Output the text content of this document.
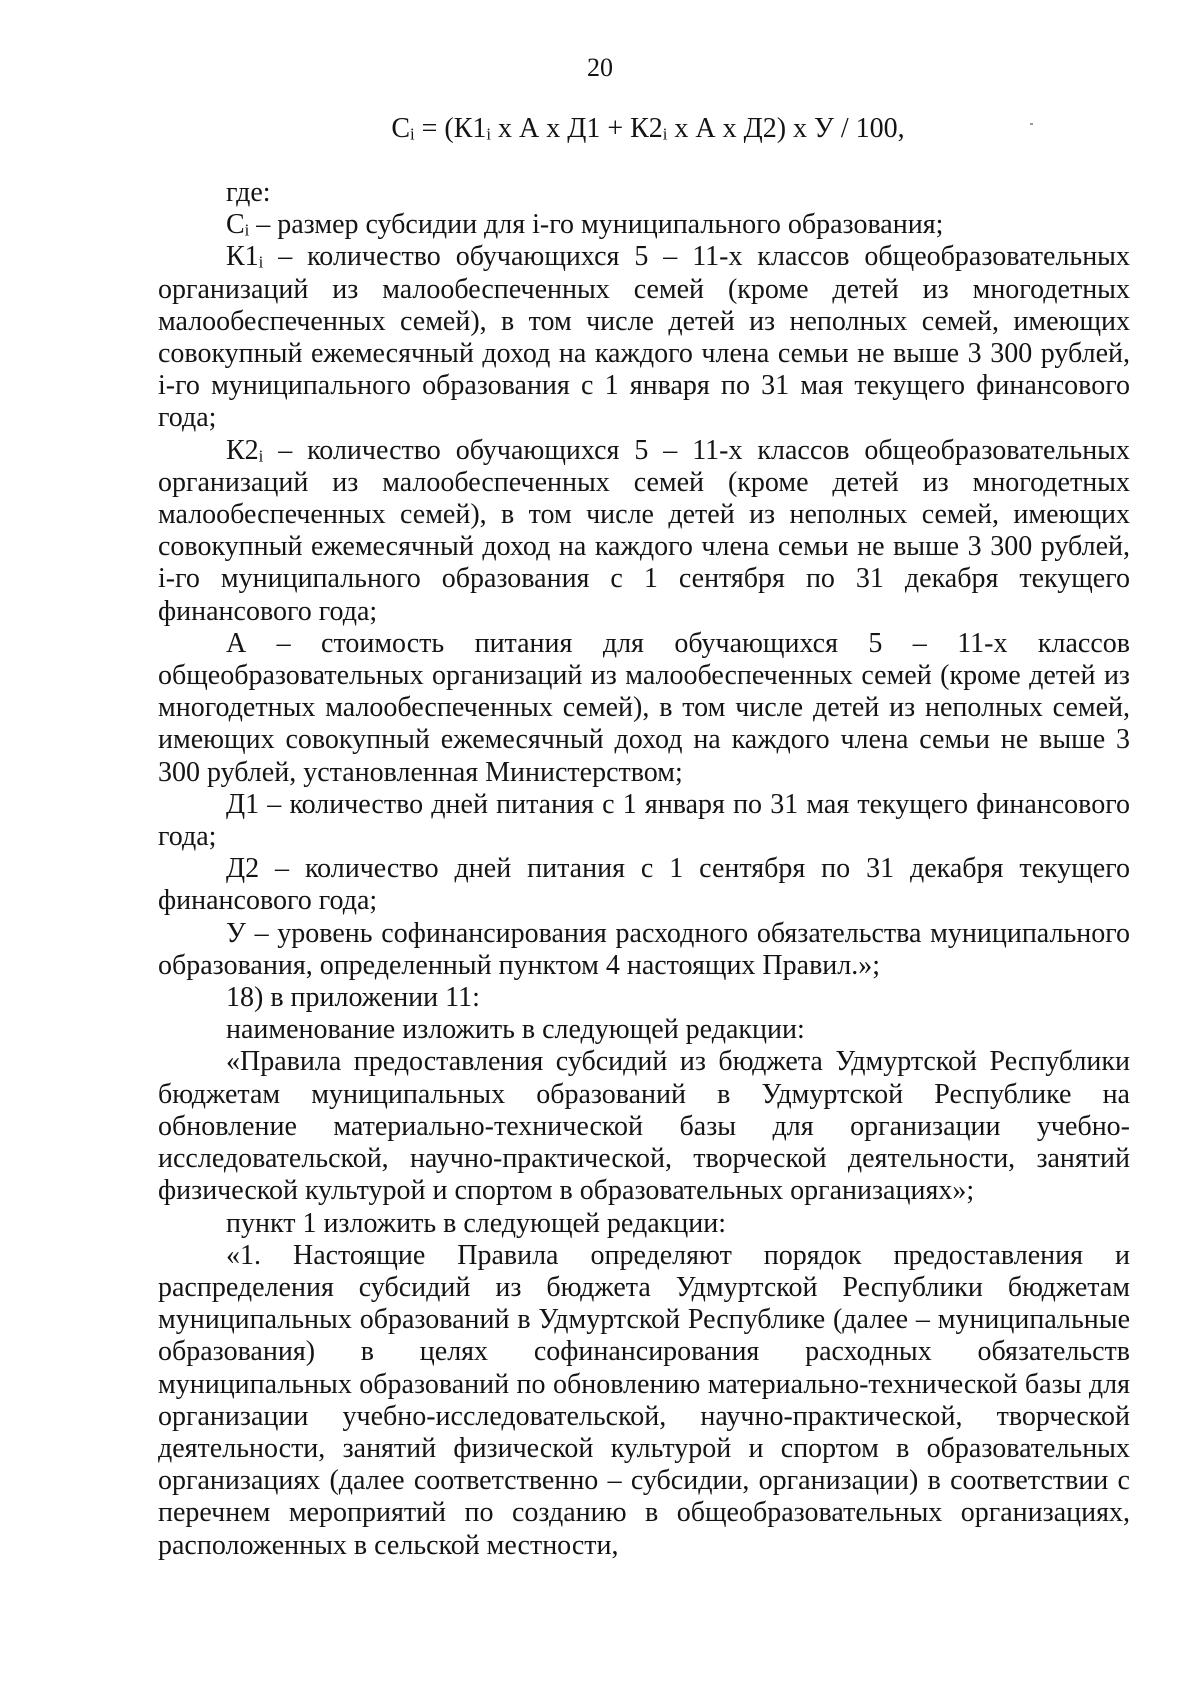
20
Cᵢ = (К1ᵢ x А x Д1 + К2ᵢ x А x Д2) x У / 100,

где:

Cᵢ – размер субсидии для i-го муниципального образования;

К1ᵢ – количество обучающихся 5 – 11-х классов общеобразовательных организаций из малообеспеченных семей (кроме детей из многодетных малообеспеченных семей), в том числе детей из неполных семей, имеющих совокупный ежемесячный доход на каждого члена семьи не выше 3 300 рублей, i-го муниципального образования с 1 января по 31 мая текущего финансового года;

К2ᵢ – количество обучающихся 5 – 11-х классов общеобразовательных организаций из малообеспеченных семей (кроме детей из многодетных малообеспеченных семей), в том числе детей из неполных семей, имеющих совокупный ежемесячный доход на каждого члена семьи не выше 3 300 рублей, i-го муниципального образования с 1 сентября по 31 декабря текущего финансового года;

А – стоимость питания для обучающихся 5 – 11-х классов общеобразовательных организаций из малообеспеченных семей (кроме детей из многодетных малообеспеченных семей), в том числе детей из неполных семей, имеющих совокупный ежемесячный доход на каждого члена семьи не выше 3 300 рублей, установленная Министерством;

Д1 – количество дней питания с 1 января по 31 мая текущего финансового года;

Д2 – количество дней питания с 1 сентября по 31 декабря текущего финансового года;

У – уровень софинансирования расходного обязательства муниципального образования, определенный пунктом 4 настоящих Правил.»;

18) в приложении 11:

наименование изложить в следующей редакции:

«Правила предоставления субсидий из бюджета Удмуртской Республики бюджетам муниципальных образований в Удмуртской Республике на обновление материально-технической базы для организации учебно-исследовательской, научно-практической, творческой деятельности, занятий физической культурой и спортом в образовательных организациях»;

пункт 1 изложить в следующей редакции:

«1. Настоящие Правила определяют порядок предоставления и распределения субсидий из бюджета Удмуртской Республики бюджетам муниципальных образований в Удмуртской Республике (далее – муниципальные образования) в целях софинансирования расходных обязательств муниципальных образований по обновлению материально-технической базы для организации учебно-исследовательской, научно-практической, творческой деятельности, занятий физической культурой и спортом в образовательных организациях (далее соответственно – субсидии, организации) в соответствии с перечнем мероприятий по созданию в общеобразовательных организациях, расположенных в сельской местности,
